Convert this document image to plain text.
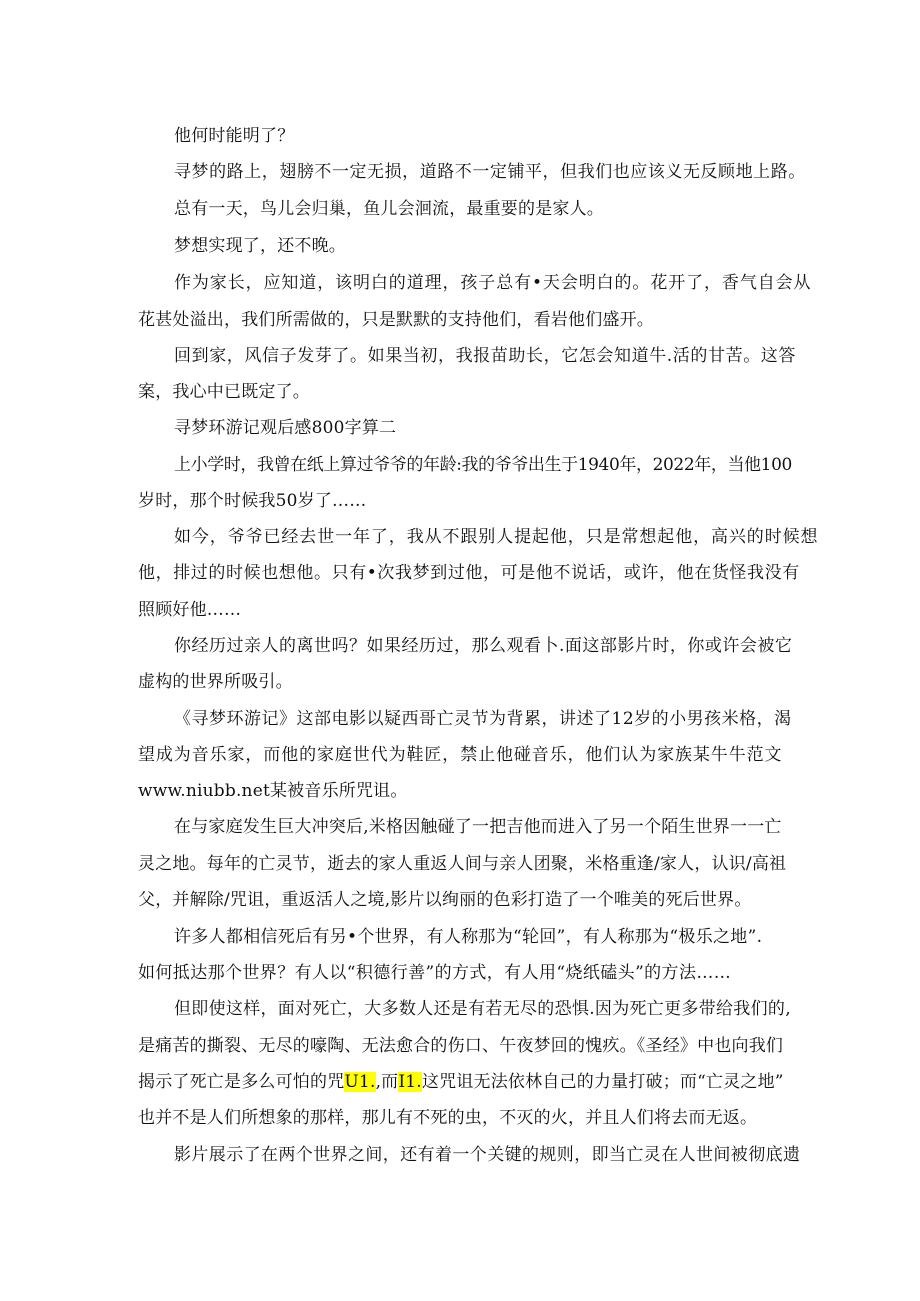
他何时能明了？
寻梦的路上，翅膀不一定无损，道路不一定铺平，但我们也应该义无反顾地上路。
总有一天，鸟儿会归巢，鱼儿会洄流，最重要的是家人。
梦想实现了，还不晚。
作为家长，应知道，该明白的道理，孩子总有•天会明白的。花开了，香气自会从
花甚处溢出，我们所需做的，只是默默的支持他们，看岩他们盛开。
回到家，风信子发芽了。如果当初，我报苗助长，它怎会知道牛.活的甘苦。这答
案，我心中已既定了。
寻梦环游记观后感800字算二
上小学时，我曾在纸上算过爷爷的年龄:我的爷爷出生于1940年，2022年，当他100
岁时，那个时候我50岁了……
如今，爷爷已经去世一年了，我从不跟别人提起他，只是常想起他，高兴的时候想
他，排过的时候也想他。只有•次我梦到过他，可是他不说话，或许，他在货怪我没有
照顾好他……
你经历过亲人的离世吗？如果经历过，那么观看卜.面这部影片时，你或许会被它
虚构的世界所吸引。
《寻梦环游记》这部电影以疑西哥亡灵节为背累，讲述了12岁的小男孩米格，渴
望成为音乐家，而他的家庭世代为鞋匠，禁止他碰音乐，他们认为家族某牛牛范文
www.niubb.net某被音乐所咒诅。
在与家庭发生巨大冲突后,米格因触碰了一把吉他而进入了另一个陌生世界一一亡
灵之地。每年的亡灵节，逝去的家人重返人间与亲人团聚，米格重逢/家人，认识/高祖
父，并解除/咒诅，重返活人之境,影片以绚丽的色彩打造了一个唯美的死后世界。
许多人都相信死后有另•个世界，有人称那为“轮回”，有人称那为“极乐之地”.
如何抵达那个世界？有人以“积德行善”的方式，有人用“烧纸磕头”的方法……
但即使这样，面对死亡，大多数人还是有若无尽的恐惧.因为死亡更多带给我们的,
是痛苦的撕裂、无尽的嚎陶、无法愈合的伤口、午夜梦回的愧疚。《圣经》中也向我们
揭示了死亡是多么可怕的咒U1.,而I1.这咒诅无法依林自己的力量打破；而“亡灵之地”
也并不是人们所想象的那样，那儿有不死的虫，不灭的火，并且人们将去而无返。
影片展示了在两个世界之间，还有着一个关键的规则，即当亡灵在人世间被彻底遗
